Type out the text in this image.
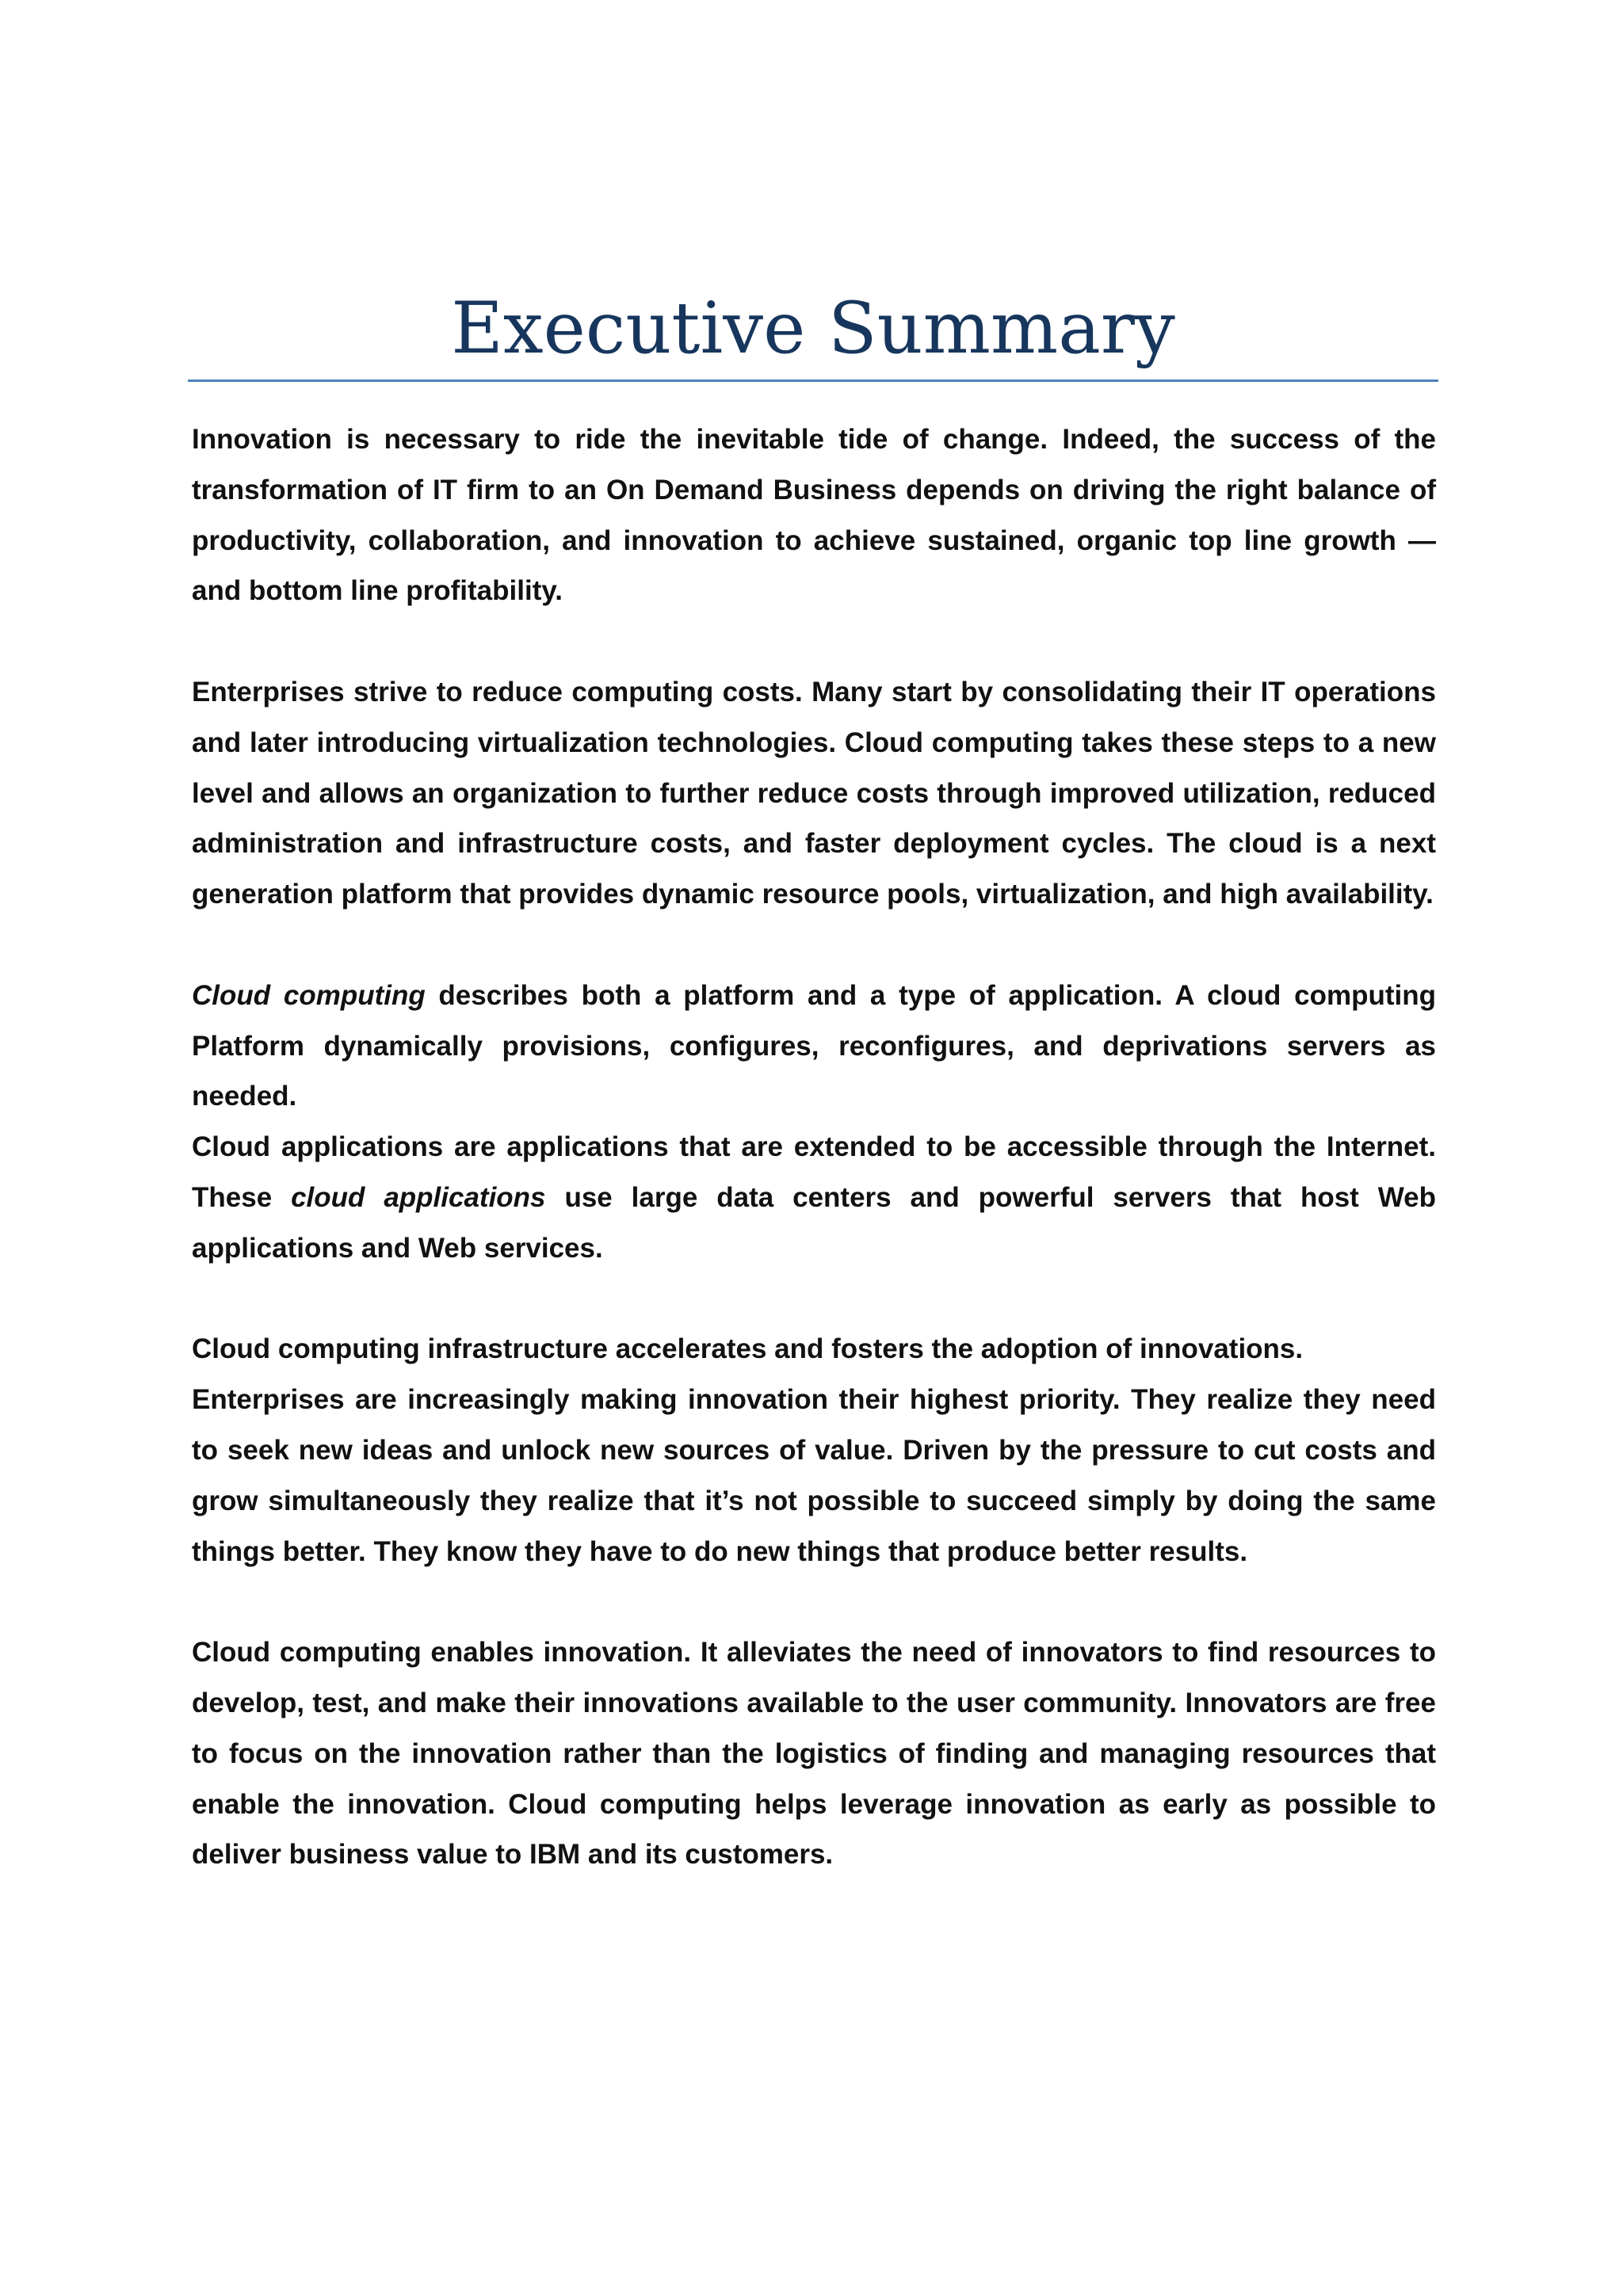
Executive Summary

Innovation is necessary to ride the inevitable tide of change. Indeed, the success of the transformation of IT firm to an On Demand Business depends on driving the right balance of productivity, collaboration, and innovation to achieve sustained, organic top line growth — and bottom line profitability.

Enterprises strive to reduce computing costs. Many start by consolidating their IT operations and later introducing virtualization technologies. Cloud computing takes these steps to a new level and allows an organization to further reduce costs through improved utilization, reduced administration and infrastructure costs, and faster deployment cycles. The cloud is a next generation platform that provides dynamic resource pools, virtualization, and high availability.

Cloud computing describes both a platform and a type of application. A cloud computing Platform dynamically provisions, configures, reconfigures, and deprivations servers as needed.

Cloud applications are applications that are extended to be accessible through the Internet. These cloud applications use large data centers and powerful servers that host Web applications and Web services.

Cloud computing infrastructure accelerates and fosters the adoption of innovations.

Enterprises are increasingly making innovation their highest priority. They realize they need to seek new ideas and unlock new sources of value. Driven by the pressure to cut costs and grow simultaneously they realize that it’s not possible to succeed simply by doing the same things better. They know they have to do new things that produce better results.

Cloud computing enables innovation. It alleviates the need of innovators to find resources to develop, test, and make their innovations available to the user community. Innovators are free to focus on the innovation rather than the logistics of finding and managing resources that enable the innovation. Cloud computing helps leverage innovation as early as possible to deliver business value to IBM and its customers.
